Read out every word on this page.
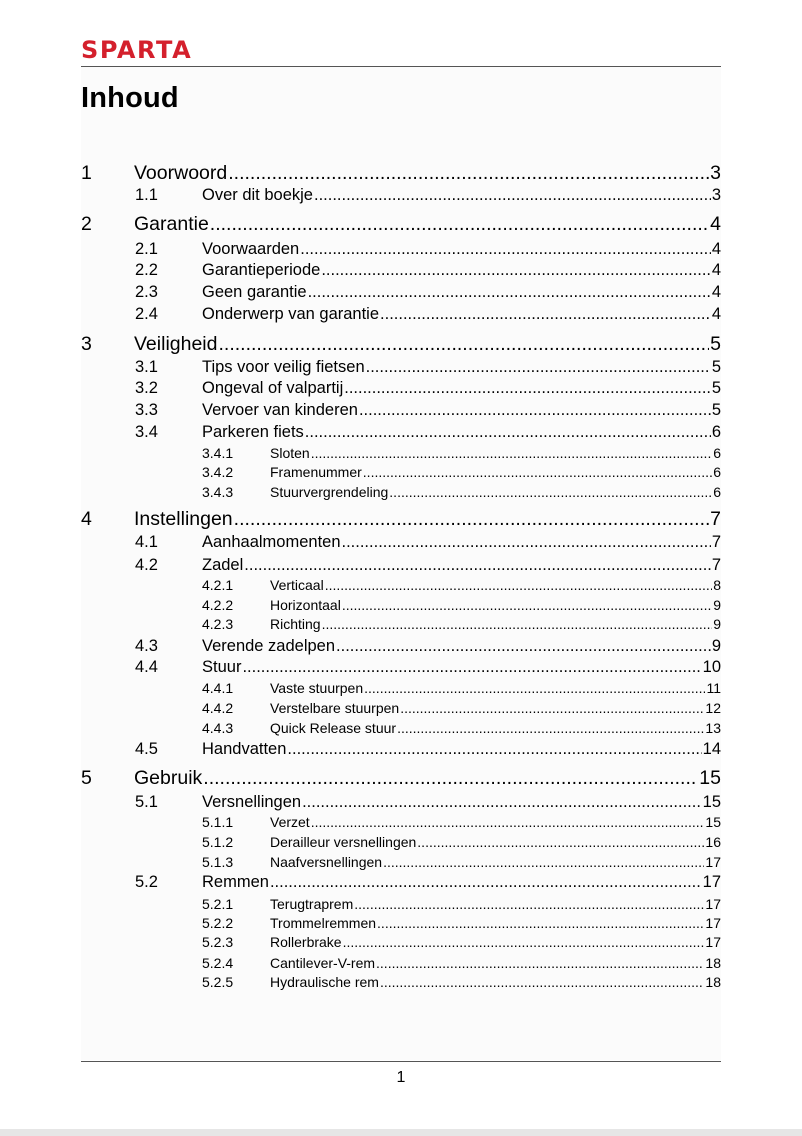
SPARTA
Inhoud
1	Voorwoord .....	3
1.1	Over dit boekje .....	3
2	Garantie .....	4
2.1	Voorwaarden .....	4
2.2	Garantieperiode .....	4
2.3	Geen garantie .....	4
2.4	Onderwerp van garantie .....	4
3	Veiligheid .....	5
3.1	Tips voor veilig fietsen .....	5
3.2	Ongeval of valpartij .....	5
3.3	Vervoer van kinderen .....	5
3.4	Parkeren fiets .....	6
3.4.1	Sloten .....	6
3.4.2	Framenummer .....	6
3.4.3	Stuurvergrendeling .....	6
4	Instellingen .....	7
4.1	Aanhaalmomenten .....	7
4.2	Zadel .....	7
4.2.1	Verticaal .....	8
4.2.2	Horizontaal .....	9
4.2.3	Richting .....	9
4.3	Verende zadelpen .....	9
4.4	Stuur .....	10
4.4.1	Vaste stuurpen .....	11
4.4.2	Verstelbare stuurpen .....	12
4.4.3	Quick Release stuur .....	13
4.5	Handvatten .....	14
5	Gebruik .....	15
5.1	Versnellingen .....	15
5.1.1	Verzet .....	15
5.1.2	Derailleur versnellingen .....	16
5.1.3	Naafversnellingen .....	17
5.2	Remmen .....	17
5.2.1	Terugtraprem .....	17
5.2.2	Trommelremmen .....	17
5.2.3	Rollerbrake .....	17
5.2.4	Cantilever-V-rem .....	18
5.2.5	Hydraulische rem .....	18
1
